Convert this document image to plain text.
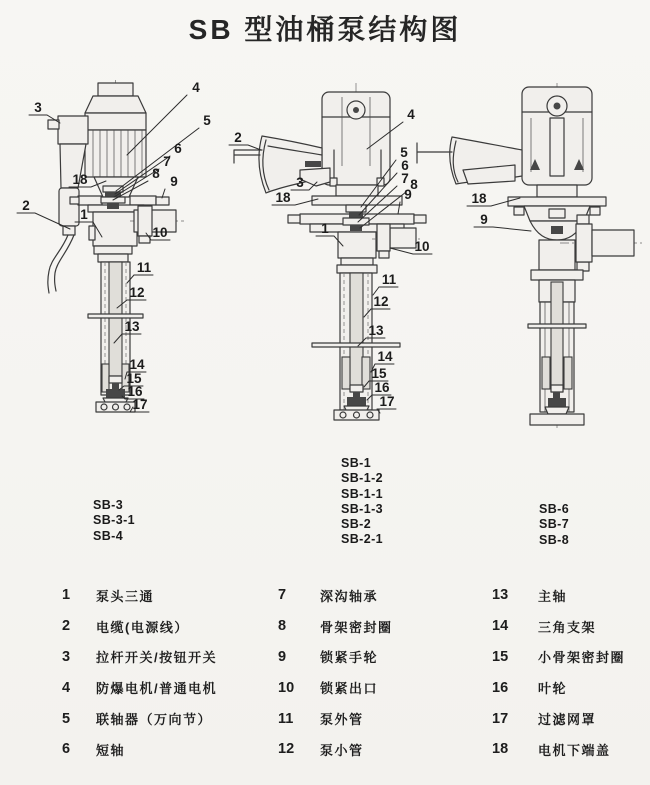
SB 型油桶泵结构图
3
4
5
6
7
8
9
18
2
1
10
11
12
13
14
15
16
17
2
4
3
18
5
6
7 8
9
1
10
11
12
13
14
15
16
17
18
9
SB-3
SB-3-1
SB-4
SB-1
SB-1-2
SB-1-1
SB-1-3
SB-2
SB-2-1
SB-6
SB-7
SB-8
1	泵头三通
2	电缆(电源线）
3	拉杆开关/按钮开关
4	防爆电机/普通电机
5	联轴器（万向节）
6	短轴
7	深沟轴承
8	骨架密封圈
9	锁紧手轮
10	锁紧出口
11	泵外管
12	泵小管
13	主轴
14	三角支架
15	小骨架密封圈
16	叶轮
17	过滤网罩
18	电机下端盖
